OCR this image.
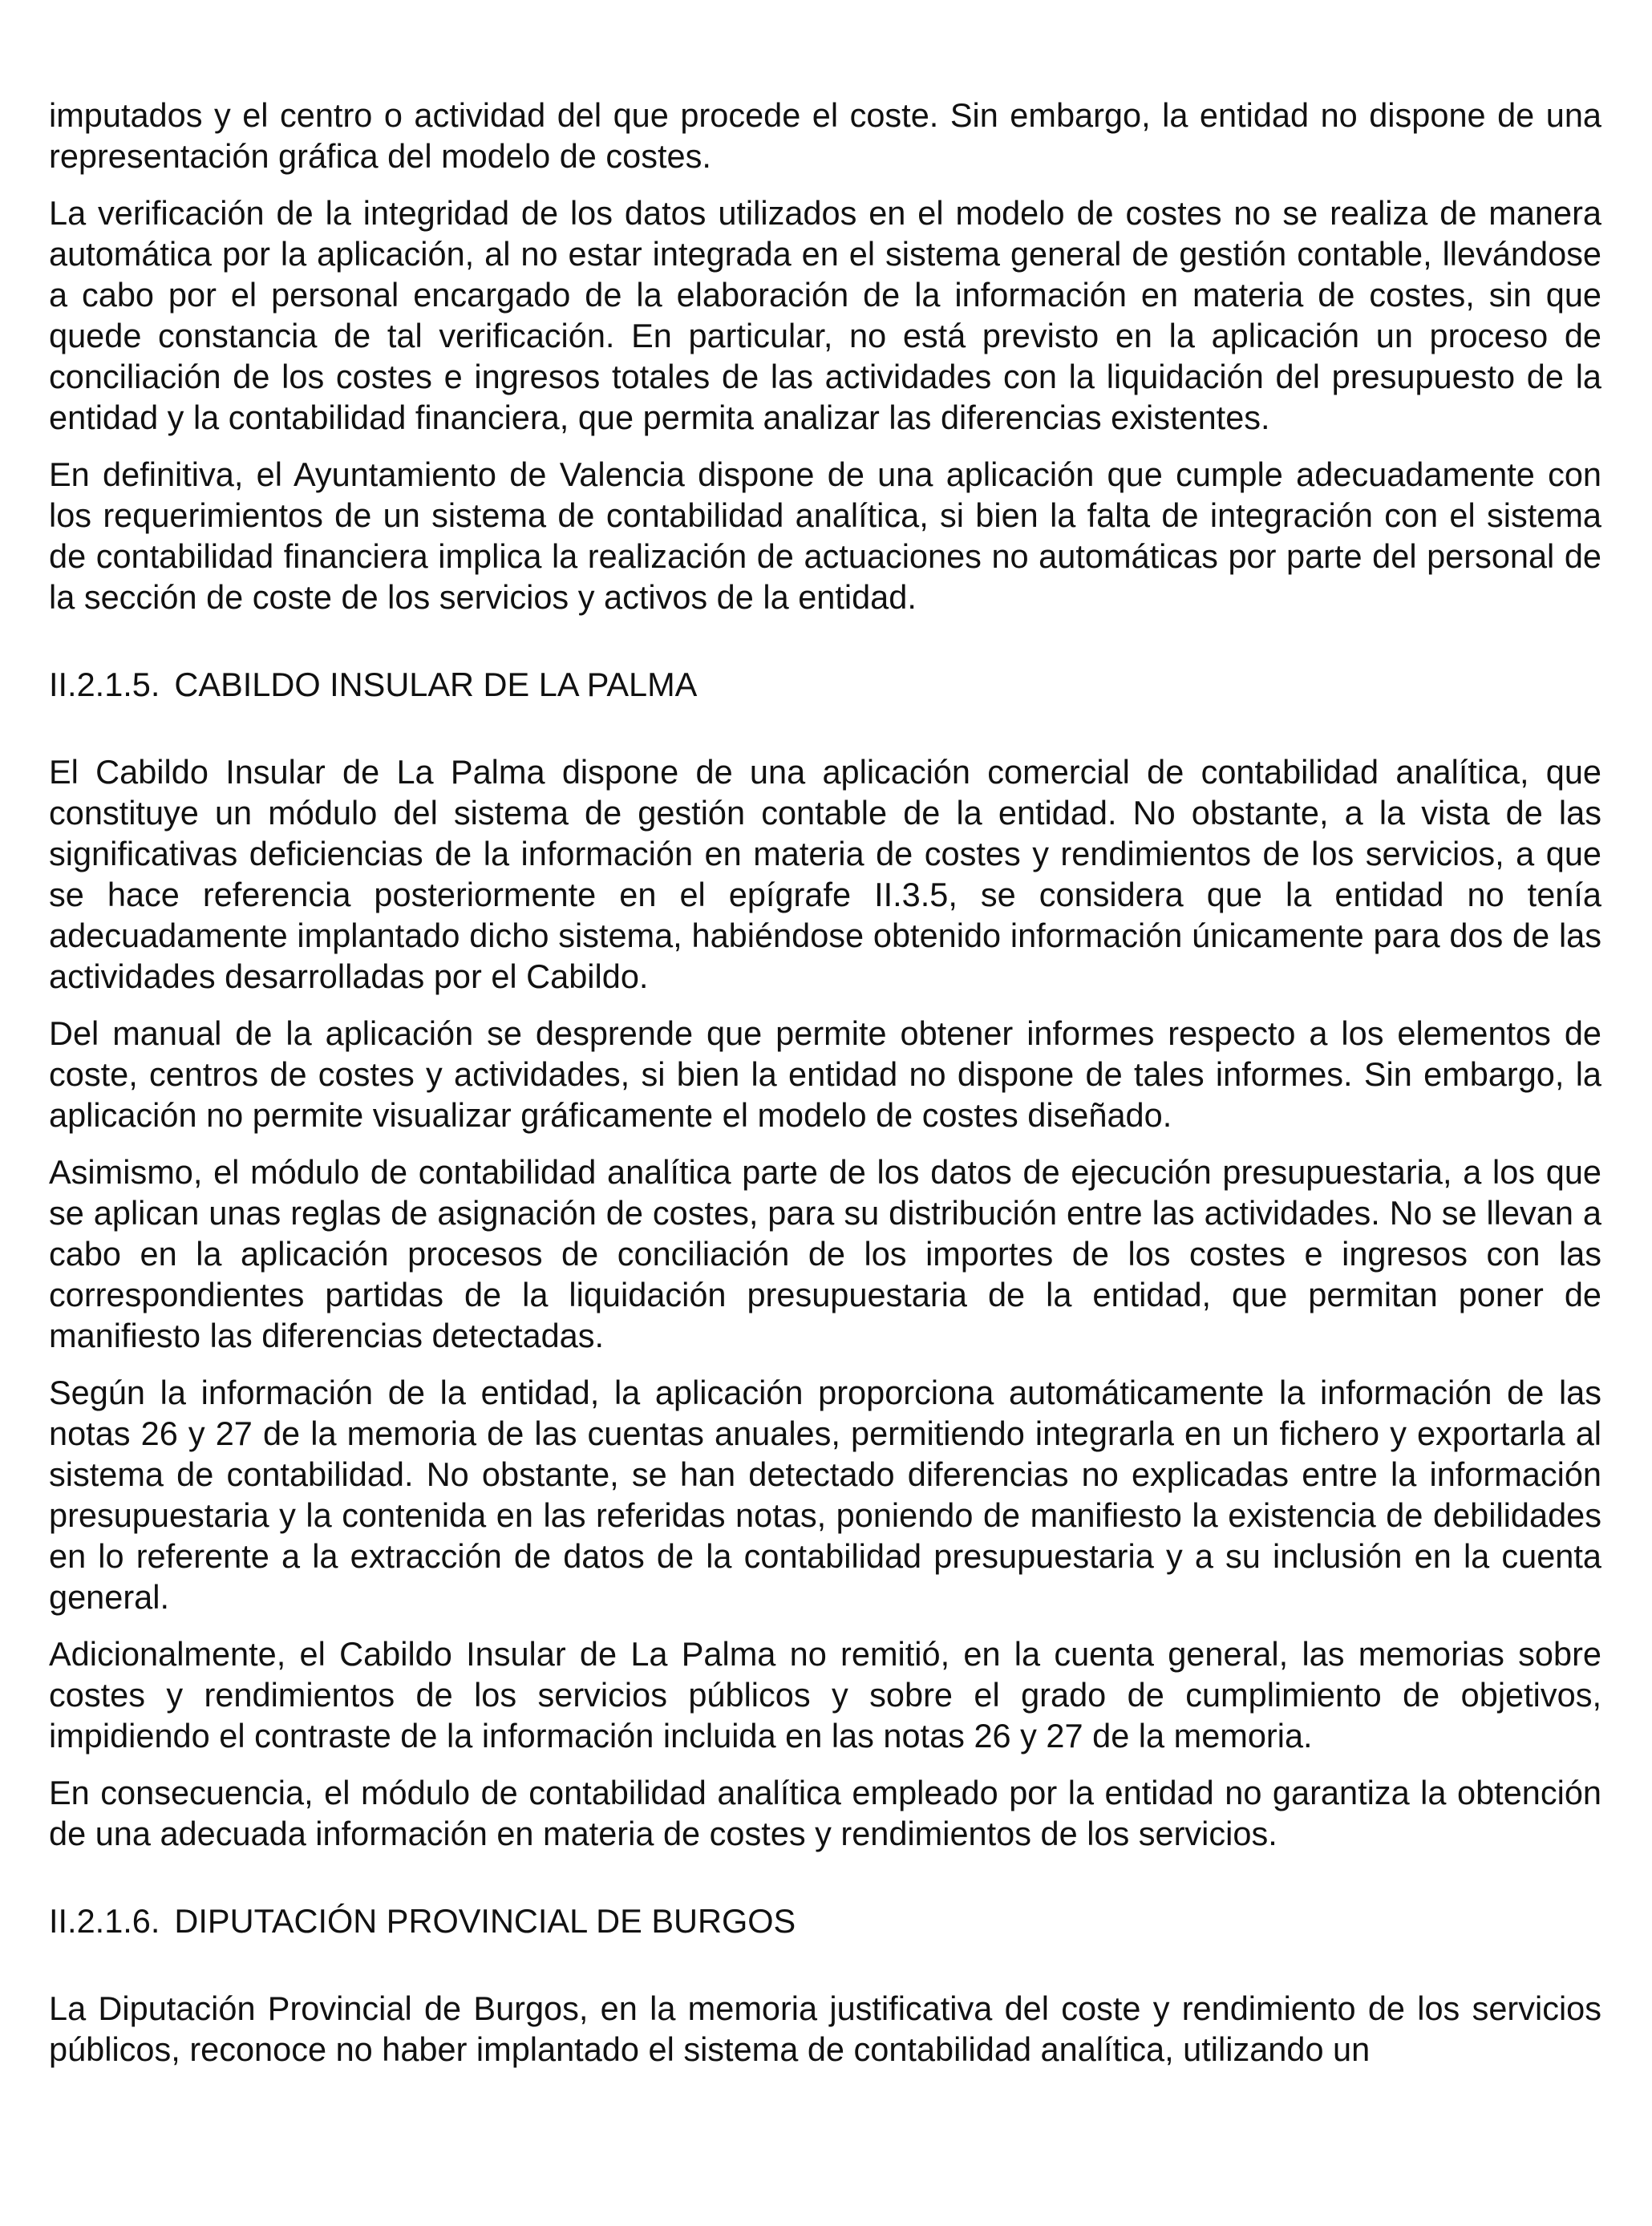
imputados y el centro o actividad del que procede el coste. Sin embargo, la entidad no dispone de una representación gráfica del modelo de costes.

La verificación de la integridad de los datos utilizados en el modelo de costes no se realiza de manera automática por la aplicación, al no estar integrada en el sistema general de gestión contable, llevándose a cabo por el personal encargado de la elaboración de la información en materia de costes, sin que quede constancia de tal verificación. En particular, no está previsto en la aplicación un proceso de conciliación de los costes e ingresos totales de las actividades con la liquidación del presupuesto de la entidad y la contabilidad financiera, que permita analizar las diferencias existentes.

En definitiva, el Ayuntamiento de Valencia dispone de una aplicación que cumple adecuadamente con los requerimientos de un sistema de contabilidad analítica, si bien la falta de integración con el sistema de contabilidad financiera implica la realización de actuaciones no automáticas por parte del personal de la sección de coste de los servicios y activos de la entidad.

II.2.1.5. CABILDO INSULAR DE LA PALMA

El Cabildo Insular de La Palma dispone de una aplicación comercial de contabilidad analítica, que constituye un módulo del sistema de gestión contable de la entidad. No obstante, a la vista de las significativas deficiencias de la información en materia de costes y rendimientos de los servicios, a que se hace referencia posteriormente en el epígrafe II.3.5, se considera que la entidad no tenía adecuadamente implantado dicho sistema, habiéndose obtenido información únicamente para dos de las actividades desarrolladas por el Cabildo.

Del manual de la aplicación se desprende que permite obtener informes respecto a los elementos de coste, centros de costes y actividades, si bien la entidad no dispone de tales informes. Sin embargo, la aplicación no permite visualizar gráficamente el modelo de costes diseñado.

Asimismo, el módulo de contabilidad analítica parte de los datos de ejecución presupuestaria, a los que se aplican unas reglas de asignación de costes, para su distribución entre las actividades. No se llevan a cabo en la aplicación procesos de conciliación de los importes de los costes e ingresos con las correspondientes partidas de la liquidación presupuestaria de la entidad, que permitan poner de manifiesto las diferencias detectadas.

Según la información de la entidad, la aplicación proporciona automáticamente la información de las notas 26 y 27 de la memoria de las cuentas anuales, permitiendo integrarla en un fichero y exportarla al sistema de contabilidad. No obstante, se han detectado diferencias no explicadas entre la información presupuestaria y la contenida en las referidas notas, poniendo de manifiesto la existencia de debilidades en lo referente a la extracción de datos de la contabilidad presupuestaria y a su inclusión en la cuenta general.

Adicionalmente, el Cabildo Insular de La Palma no remitió, en la cuenta general, las memorias sobre costes y rendimientos de los servicios públicos y sobre el grado de cumplimiento de objetivos, impidiendo el contraste de la información incluida en las notas 26 y 27 de la memoria.

En consecuencia, el módulo de contabilidad analítica empleado por la entidad no garantiza la obtención de una adecuada información en materia de costes y rendimientos de los servicios.

II.2.1.6. DIPUTACIÓN PROVINCIAL DE BURGOS

La Diputación Provincial de Burgos, en la memoria justificativa del coste y rendimiento de los servicios públicos, reconoce no haber implantado el sistema de contabilidad analítica, utilizando un
